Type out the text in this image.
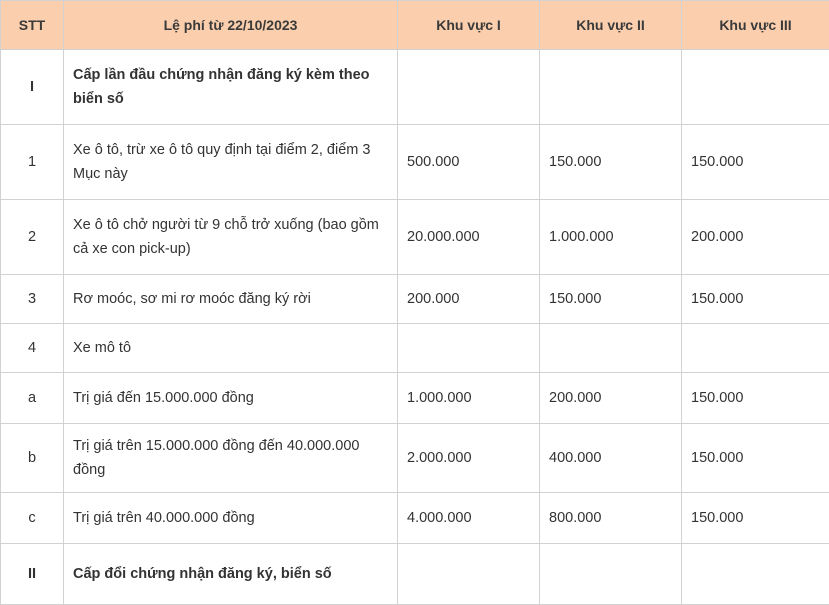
STT	Lệ phí từ 22/10/2023	Khu vực I	Khu vực II	Khu vực III
I	Cấp lần đầu chứng nhận đăng ký kèm theo biển số			
1	Xe ô tô, trừ xe ô tô quy định tại điểm 2, điểm 3 Mục này	500.000	150.000	150.000
2	Xe ô tô chở người từ 9 chỗ trở xuống (bao gồm cả xe con pick-up)	20.000.000	1.000.000	200.000
3	Rơ moóc, sơ mi rơ moóc đăng ký rời	200.000	150.000	150.000
4	Xe mô tô			
a	Trị giá đến 15.000.000 đồng	1.000.000	200.000	150.000
b	Trị giá trên 15.000.000 đồng đến 40.000.000 đồng	2.000.000	400.000	150.000
c	Trị giá trên 40.000.000 đồng	4.000.000	800.000	150.000
II	Cấp đổi chứng nhận đăng ký, biển số			
